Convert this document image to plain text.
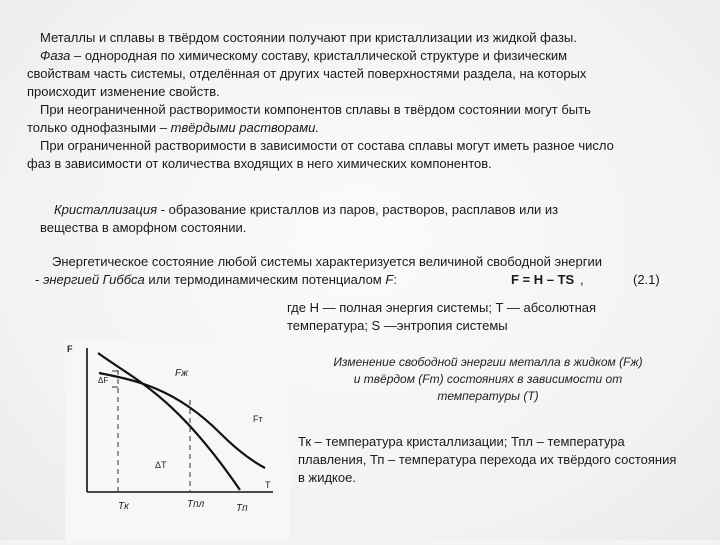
Металлы и сплавы в твёрдом состоянии получают при кристаллизации из жидкой фазы.
Фаза – однородная по химическому составу, кристаллической структуре и физическим
свойствам часть системы, отделённая от других частей поверхностями раздела, на которых
происходит изменение свойств.
При неограниченной растворимости компонентов сплавы в твёрдом состоянии могут быть
только однофазными – твёрдыми растворами.
При ограниченной растворимости в зависимости от состава сплавы могут иметь разное число
фаз в зависимости от количества входящих в него химических компонентов.
Кристаллизация - образование кристаллов из паров, растворов, расплавов или из
вещества в аморфном состоянии.
Энергетическое состояние любой системы характеризуется величиной свободной энергии
- энергией Гиббса или термодинамическим потенциалом F:	F = H – TS ,	(2.1)
где H — полная энергия системы; T — абсолютная
температура; S —энтропия системы
F
T
ΔF
Fж
Fт
ΔT
Tк	Tпл	Tп
Изменение свободной энергии металла в жидком (Fж)
и твёрдом (Fт) состояниях в зависимости от
температуры (T)
Тк – температура кристаллизации; Тпл – температура плавления, Тп – температура перехода их твёрдого состояния в жидкое.
